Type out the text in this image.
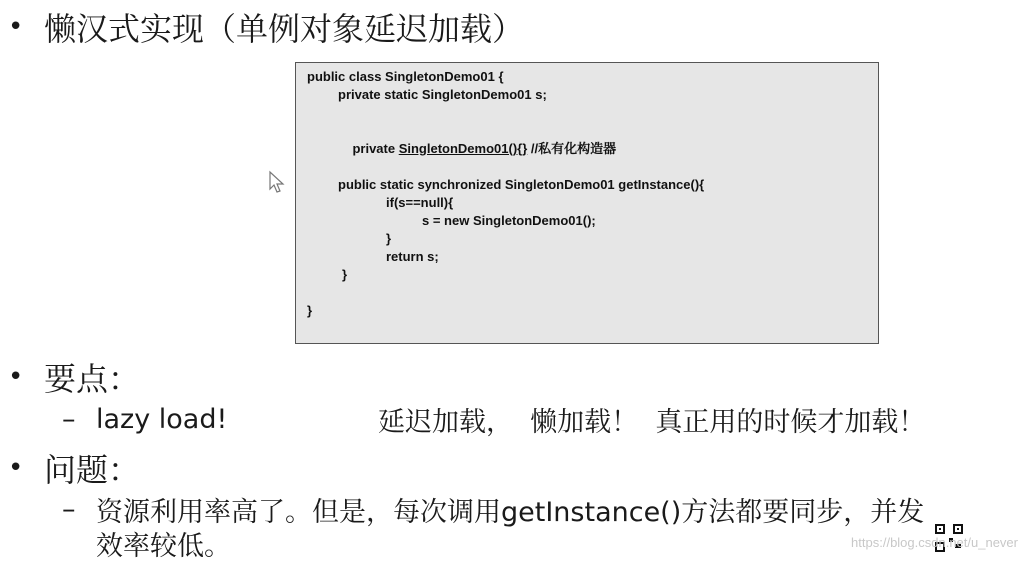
• 懒汉式实现（单例对象延迟加载）
public class SingletonDemo01 {
private static SingletonDemo01 s;

private SingletonDemo01(){} //私有化构造器

public static synchronized SingletonDemo01 getInstance(){
if(s==null){
s = new SingletonDemo01();
}
return s;
}
}
• 要点：
– lazy load!	延迟加载，  懒加载！  真正用的时候才加载！
• 问题：
– 资源利用率高了。但是，每次调用getInstance()方法都要同步，并发
效率较低。	https://blog.csdn.net/u_never
